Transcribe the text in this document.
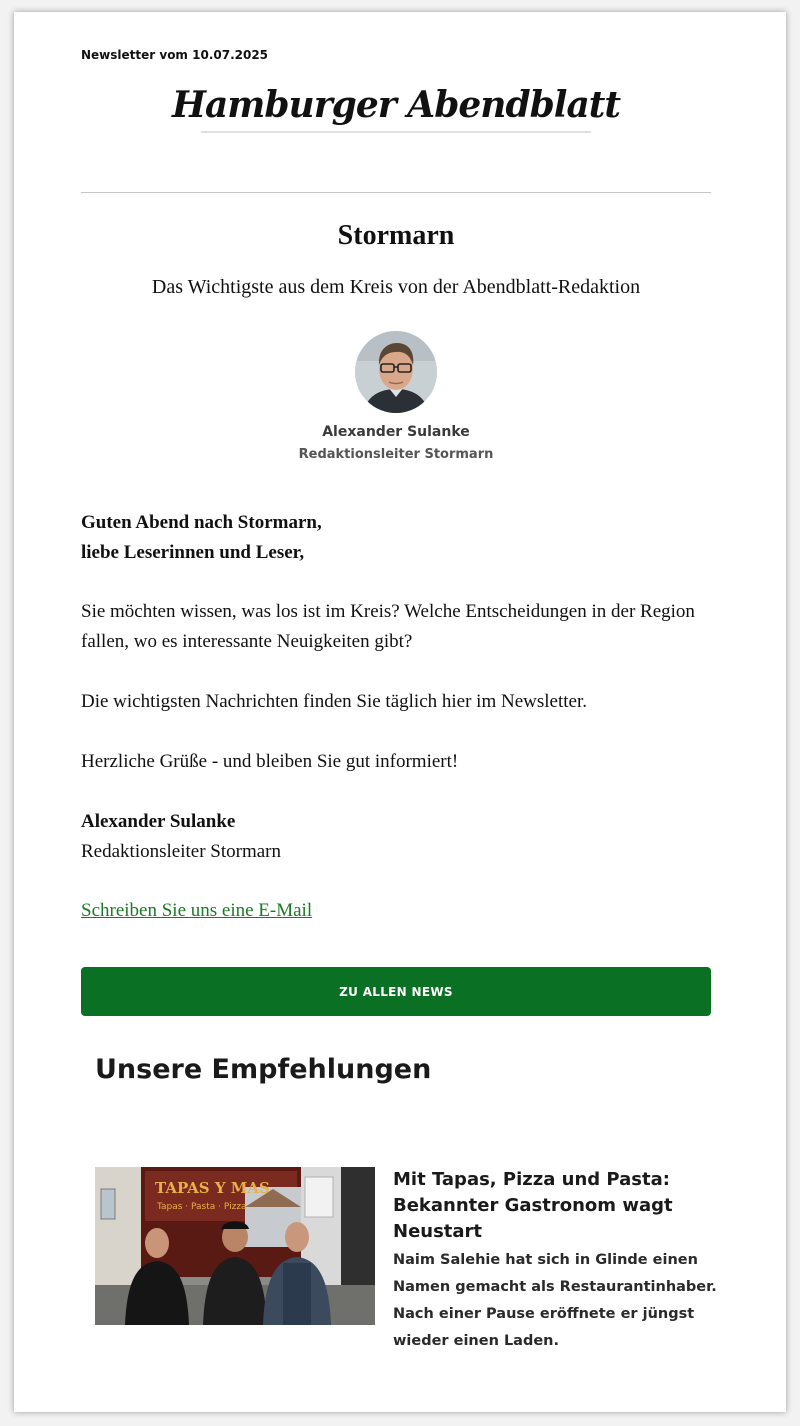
Newsletter vom 10.07.2025
Hamburger Abendblatt
Stormarn
Das Wichtigste aus dem Kreis von der Abendblatt-Redaktion
Alexander Sulanke
Redaktionsleiter Stormarn
Guten Abend nach Stormarn,
liebe Leserinnen und Leser,
Sie möchten wissen, was los ist im Kreis? Welche Entscheidungen in der Region fallen, wo es interessante Neuigkeiten gibt?
Die wichtigsten Nachrichten finden Sie täglich hier im Newsletter.
Herzliche Grüße - und bleiben Sie gut informiert!
Alexander Sulanke
Redaktionsleiter Stormarn
Schreiben Sie uns eine E-Mail
ZU ALLEN NEWS
Unsere Empfehlungen
TAPAS Y MAS
Tapas · Pasta · Pizza
Mit Tapas, Pizza und Pasta: Bekannter Gastronom wagt Neustart
Naim Salehie hat sich in Glinde einen Namen gemacht als Restaurantinhaber. Nach einer Pause eröffnete er jüngst wieder einen Laden.
